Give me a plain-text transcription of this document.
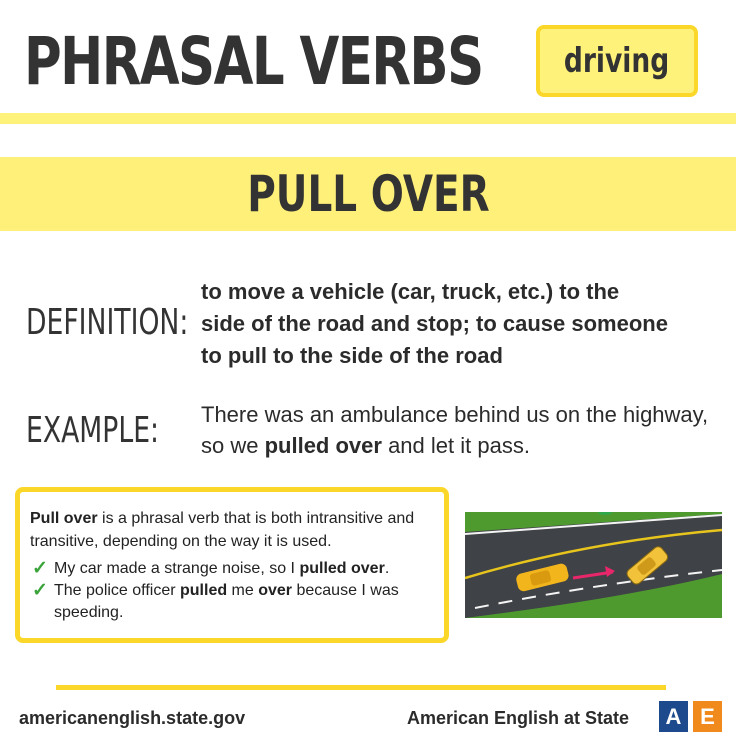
PHRASAL VERBS driving
PULL OVER
DEFINITION:
to move a vehicle (car, truck, etc.) to the
side of the road and stop; to cause someone
to pull to the side of the road
EXAMPLE: There was an ambulance behind us on the highway, so we pulled over and let it pass.
Pull over is a phrasal verb that is both intransitive and transitive, depending on the way it is used.
✓ My car made a strange noise, so I pulled over.
✓ The police officer pulled me over because I was speeding.
americanenglish.state.gov	American English at State A E
